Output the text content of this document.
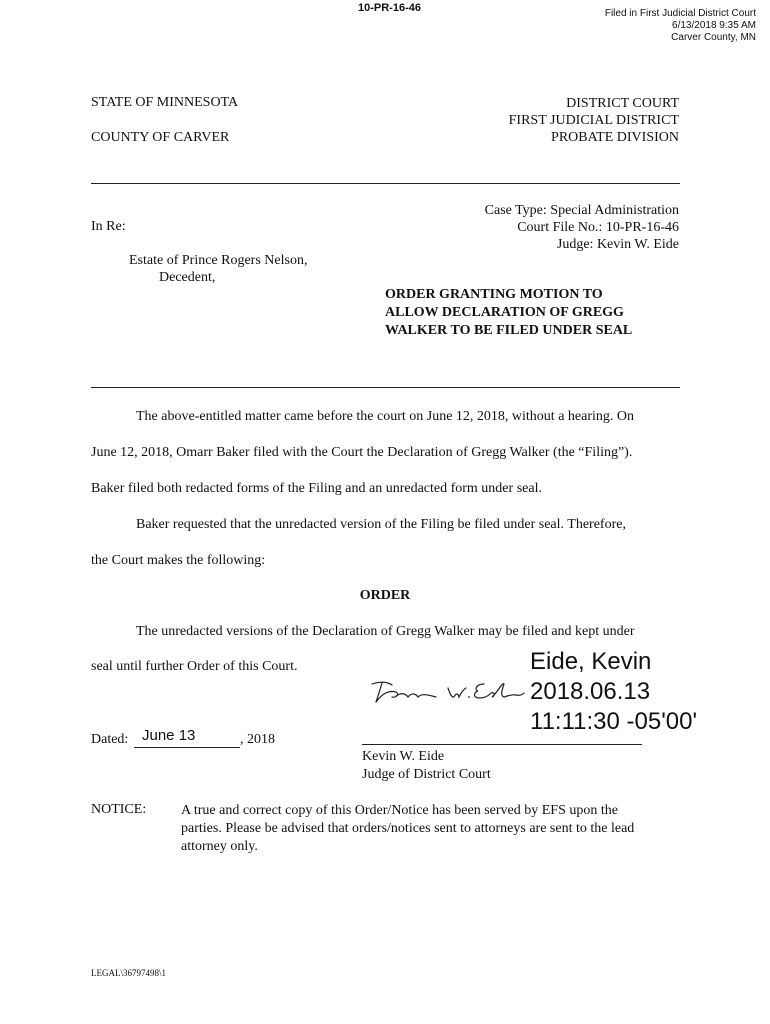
10-PR-16-46	Filed in First Judicial District Court
6/13/2018 9:35 AM
Carver County, MN
STATE OF MINNESOTA
COUNTY OF CARVER
DISTRICT COURT
FIRST JUDICIAL DISTRICT
PROBATE DIVISION
Case Type: Special Administration
Court File No.: 10-PR-16-46
Judge: Kevin W. Eide
In Re:
Estate of Prince Rogers Nelson,
Decedent,
ORDER GRANTING MOTION TO
ALLOW DECLARATION OF GREGG
WALKER TO BE FILED UNDER SEAL
The above-entitled matter came before the court on June 12, 2018, without a hearing. On
June 12, 2018, Omarr Baker filed with the Court the Declaration of Gregg Walker (the “Filing”).
Baker filed both redacted forms of the Filing and an unredacted form under seal.
Baker requested that the unredacted version of the Filing be filed under seal. Therefore,
the Court makes the following:
ORDER
The unredacted versions of the Declaration of Gregg Walker may be filed and kept under
seal until further Order of this Court.	Eide, Kevin
2018.06.13
11:11:30 -05'00'
Dated: June 13	, 2018
Kevin W. Eide
Judge of District Court
NOTICE: A true and correct copy of this Order/Notice has been served by EFS upon the
parties. Please be advised that orders/notices sent to attorneys are sent to the lead
attorney only.
LEGAL\36797498\1
